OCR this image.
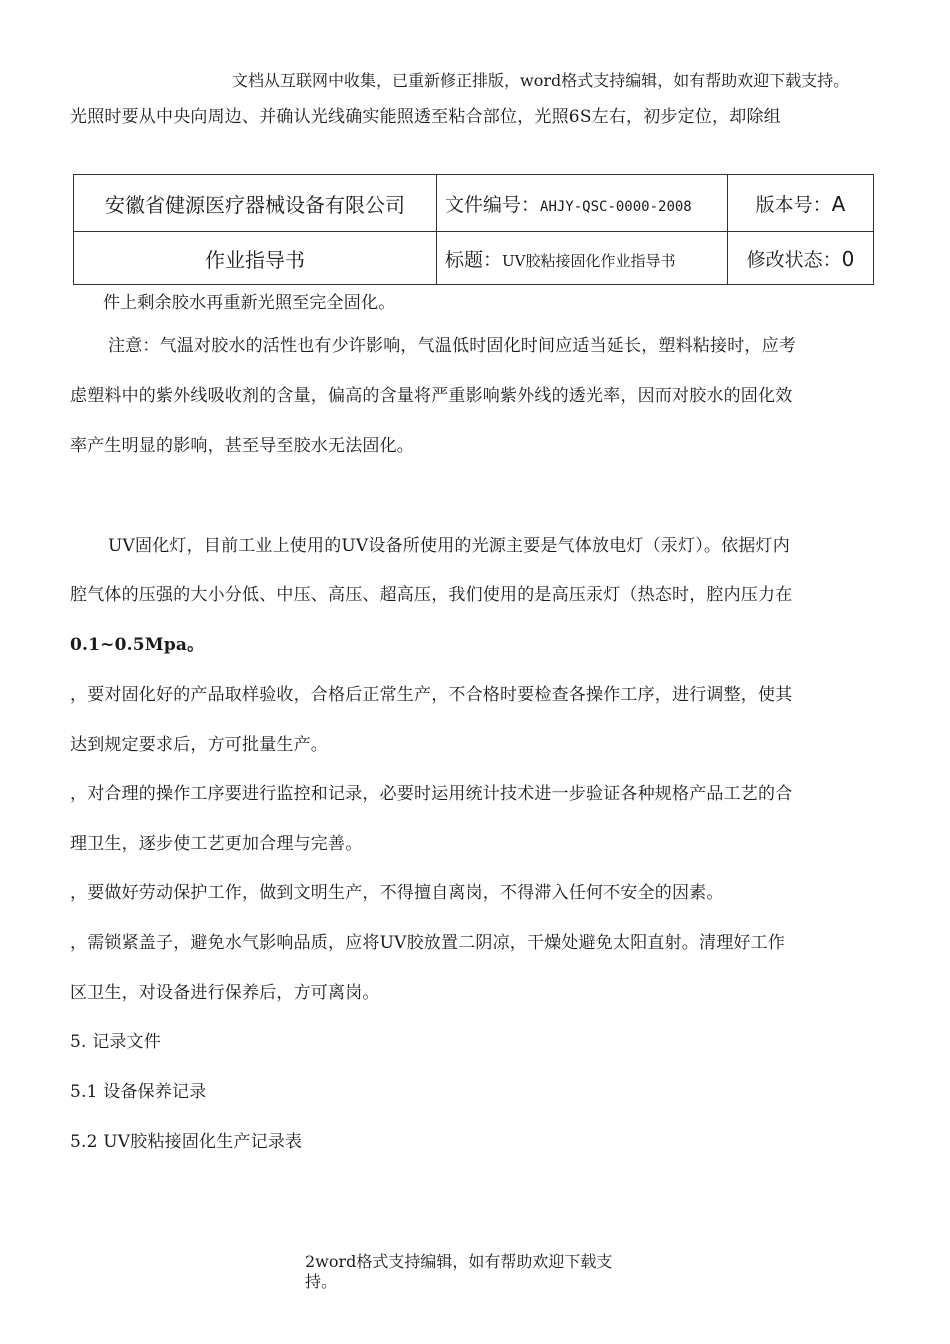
文档从互联网中收集，已重新修正排版，word格式支持编辑，如有帮助欢迎下载支持。
光照时要从中央向周边、并确认光线确实能照透至粘合部位，光照6S左右，初步定位，却除组
安徽省健源医疗器械设备有限公司	文件编号：AHJY-QSC-0000-2008	版本号：A
作业指导书	标题：UV胶粘接固化作业指导书	修改状态：0
件上剩余胶水再重新光照至完全固化。
注意：气温对胶水的活性也有少许影响，气温低时固化时间应适当延长，塑料粘接时，应考
虑塑料中的紫外线吸收剂的含量，偏高的含量将严重影响紫外线的透光率，因而对胶水的固化效
率产生明显的影响，甚至导至胶水无法固化。
UV固化灯，目前工业上使用的UV设备所使用的光源主要是气体放电灯（汞灯）。依据灯内
腔气体的压强的大小分低、中压、高压、超高压，我们使用的是高压汞灯（热态时，腔内压力在
0.1~0.5Mpa。
，要对固化好的产品取样验收，合格后正常生产，不合格时要检查各操作工序，进行调整，使其
达到规定要求后，方可批量生产。
，对合理的操作工序要进行监控和记录，必要时运用统计技术进一步验证各种规格产品工艺的合
理卫生，逐步使工艺更加合理与完善。
，要做好劳动保护工作，做到文明生产，不得擅自离岗，不得滞入任何不安全的因素。
，需锁紧盖子，避免水气影响品质，应将UV胶放置二阴凉，干燥处避免太阳直射。清理好工作
区卫生，对设备进行保养后，方可离岗。
5. 记录文件
5.1 设备保养记录
5.2 UV胶粘接固化生产记录表
2word格式支持编辑，如有帮助欢迎下载支持。
